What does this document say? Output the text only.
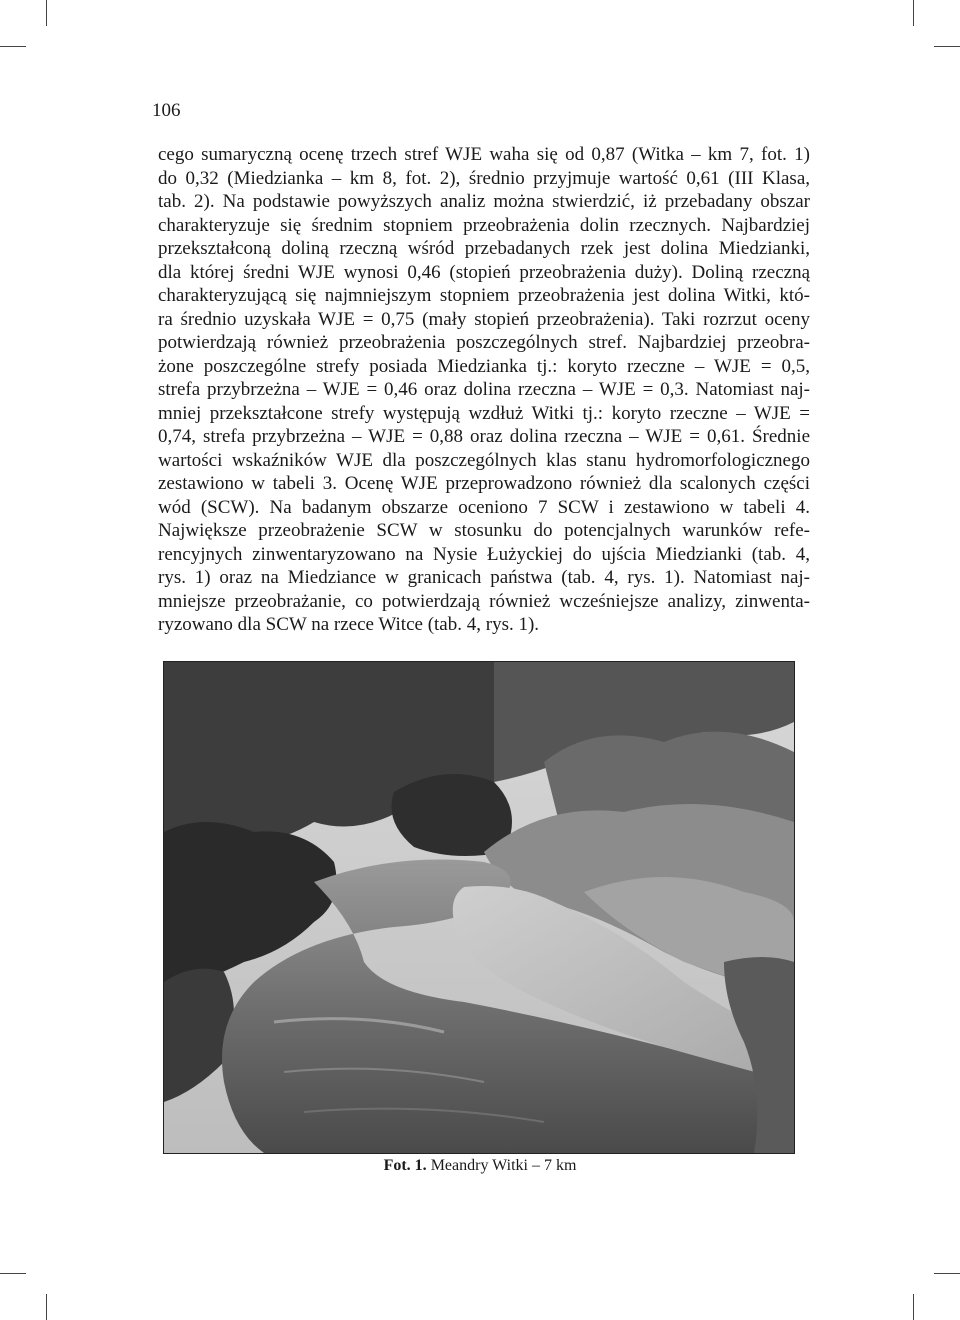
106
cego sumaryczną ocenę trzech stref WJE waha się od 0,87 (Witka – km 7, fot. 1)
do 0,32 (Miedzianka – km 8, fot. 2), średnio przyjmuje wartość 0,61 (III Klasa,
tab. 2). Na podstawie powyższych analiz można stwierdzić, iż przebadany obszar
charakteryzuje się średnim stopniem przeobrażenia dolin rzecznych. Najbardziej
przekształconą doliną rzeczną wśród przebadanych rzek jest dolina Miedzianki,
dla której średni WJE wynosi 0,46 (stopień przeobrażenia duży). Doliną rzeczną
charakteryzującą się najmniejszym stopniem przeobrażenia jest dolina Witki, któ-
ra średnio uzyskała WJE = 0,75 (mały stopień przeobrażenia). Taki rozrzut oceny
potwierdzają również przeobrażenia poszczególnych stref. Najbardziej przeobra-
żone poszczególne strefy posiada Miedzianka tj.: koryto rzeczne – WJE = 0,5,
strefa przybrzeżna – WJE = 0,46 oraz dolina rzeczna – WJE = 0,3. Natomiast naj-
mniej przekształcone strefy występują wzdłuż Witki tj.: koryto rzeczne – WJE =
0,74, strefa przybrzeżna – WJE = 0,88 oraz dolina rzeczna – WJE = 0,61. Średnie
wartości wskaźników WJE dla poszczególnych klas stanu hydromorfologicznego
zestawiono w tabeli 3. Ocenę WJE przeprowadzono również dla scalonych części
wód (SCW). Na badanym obszarze oceniono 7 SCW i zestawiono w tabeli 4.
Największe przeobrażenie SCW w stosunku do potencjalnych warunków refe-
rencyjnych zinwentaryzowano na Nysie Łużyckiej do ujścia Miedzianki (tab. 4,
rys. 1) oraz na Miedziance w granicach państwa (tab. 4, rys. 1). Natomiast naj-
mniejsze przeobrażanie, co potwierdzają również wcześniejsze analizy, zinwenta-
ryzowano dla SCW na rzece Witce (tab. 4, rys. 1).
Fot. 1. Meandry Witki – 7 km
